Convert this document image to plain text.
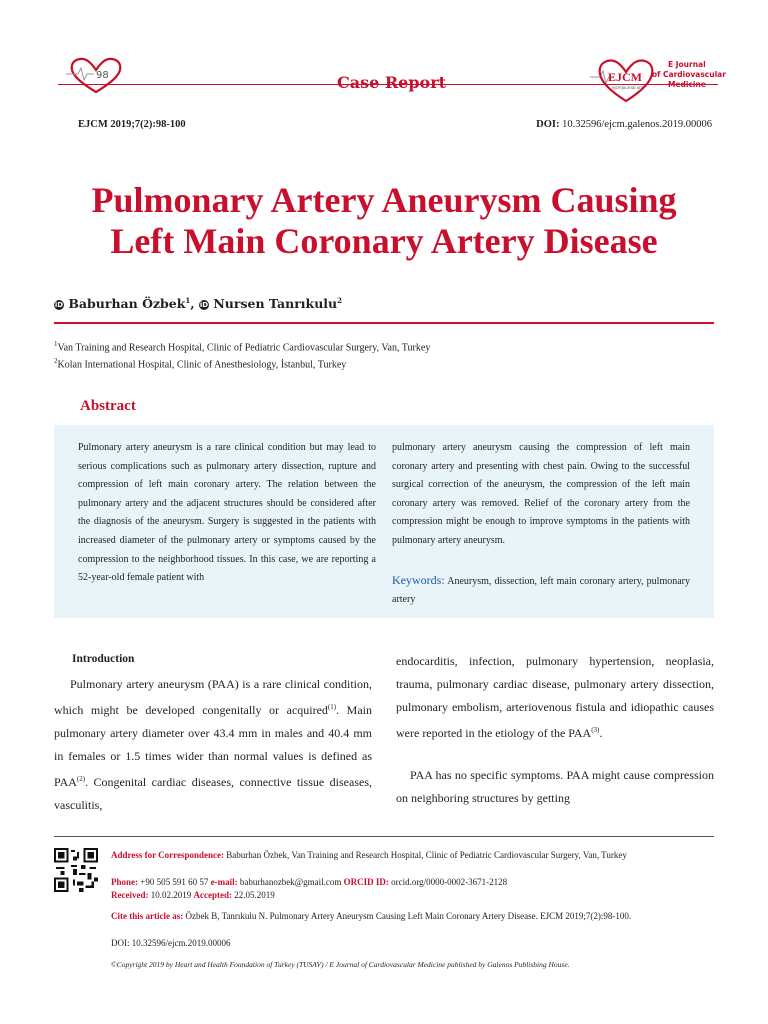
98	Case Report	EJCM
ejcmjournal.org
E Journal
of Cardiovascular
Medicine
EJCM 2019;7(2):98-100	DOI: 10.32596/ejcm.galenos.2019.00006
Pulmonary Artery Aneurysm Causing
Left Main Coronary Artery Disease
iD Baburhan Özbek$^1$, iD Nursen Tanrıkulu$^2$
$^1$Van Training and Research Hospital, Clinic of Pediatric Cardiovascular Surgery, Van, Turkey
$^2$Kolan International Hospital, Clinic of Anesthesiology, İstanbul, Turkey
Abstract
Pulmonary artery aneurysm is a rare clinical condition but may lead to serious complications such as pulmonary artery dissection, rupture and compression of left main coronary artery. The relation between the pulmonary artery and the adjacent structures should be considered after the diagnosis of the aneurysm. Surgery is suggested in the patients with increased diameter of the pulmonary artery or symptoms caused by the compression to the neighborhood tissues. In this case, we are reporting a 52-year-old female patient with
pulmonary artery aneurysm causing the compression of left main coronary artery and presenting with chest pain. Owing to the successful surgical correction of the aneurysm, the compression of the left main coronary artery was removed. Relief of the coronary artery from the compression might be enough to improve symptoms in the patients with pulmonary artery aneurysm.
Keywords: Aneurysm, dissection, left main coronary artery, pulmonary artery
Introduction
Pulmonary artery aneurysm (PAA) is a rare clinical condition, which might be developed congenitally or acquired$^{(1)}$. Main pulmonary artery diameter over 43.4 mm in males and 40.4 mm in females or 1.5 times wider than normal values is defined as PAA$^{(2)}$. Congenital cardiac diseases, connective tissue diseases, vasculitis,
endocarditis, infection, pulmonary hypertension, neoplasia, trauma, pulmonary cardiac disease, pulmonary artery dissection, pulmonary embolism, arteriovenous fistula and idiopathic causes were reported in the etiology of the PAA$^{(3)}$.
PAA has no specific symptoms. PAA might cause compression on neighboring structures by getting
Address for Correspondence: Baburhan Özbek, Van Training and Research Hospital, Clinic of Pediatric Cardiovascular Surgery, Van, Turkey
Phone: +90 505 591 60 57 e-mail: baburhanozbek@gmail.com ORCID ID: orcid.org/0000-0002-3671-2128
Received: 10.02.2019 Accepted: 22.05.2019
Cite this article as: Özbek B, Tanrıkulu N. Pulmonary Artery Aneurysm Causing Left Main Coronary Artery Disease. EJCM 2019;7(2):98-100.
DOI: 10.32596/ejcm.2019.00006
©Copyright 2019 by Heart and Health Foundation of Turkey (TUSAV) / E Journal of Cardiovascular Medicine published by Galenos Publishing House.
